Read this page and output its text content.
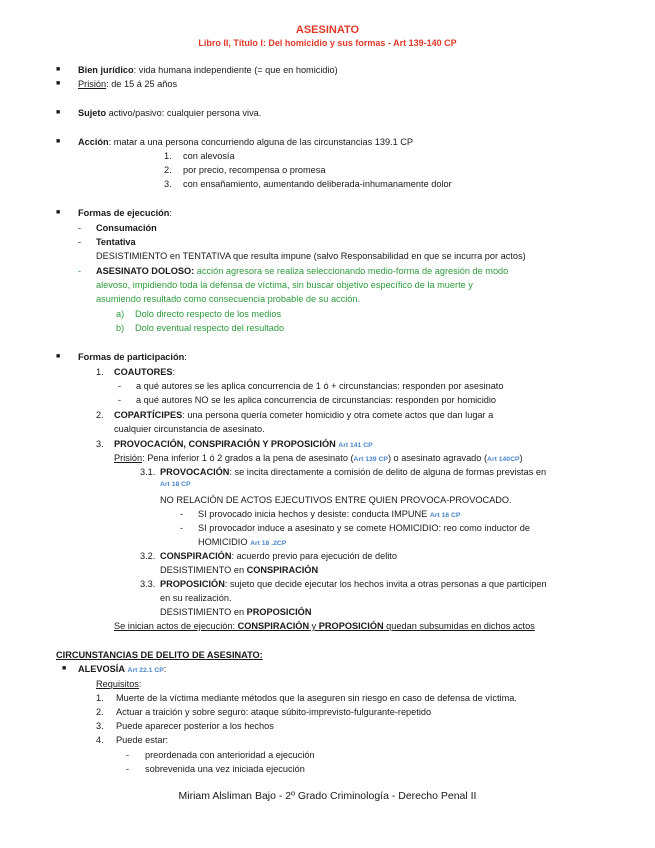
ASESINATO
Libro II, Título I: Del homicidio y sus formas - Art 139-140 CP
■ Bien jurídico: vida humana independiente (= que en homicidio)
■ Prisión: de 15 á 25 años
■ Sujeto activo/pasivo: cualquier persona viva.
■ Acción: matar a una persona concurriendo alguna de las circunstancias 139.1 CP
1. con alevosía
2. por precio, recompensa o promesa
3. con ensañamiento, aumentando deliberada-inhumanamente dolor
■ Formas de ejecución:
- Consumación
- Tentativa
DESISTIMIENTO en TENTATIVA que resulta impune (salvo Responsabilidad en que se incurra por actos)
- ASESINATO DOLOSO: acción agresora se realiza seleccionando medio-forma de agresión de modo
alevoso, impidiendo toda la defensa de víctima, sin buscar objetivo específico de la muerte y
asumiendo resultado como consecuencia probable de su acción.
a) Dolo directo respecto de los medios
b) Dolo eventual respecto del resultado
■ Formas de participación:
1. COAUTORES:
- a qué autores se les aplica concurrencia de 1 ó + circunstancias: responden por asesinato
- a qué autores NO se les aplica concurrencia de circunstancias: responden por homicidio
2. COPARTÍCIPES: una persona quería cometer homicidio y otra comete actos que dan lugar a
cualquier circunstancia de asesinato.
3. PROVOCACIÓN, CONSPIRACIÓN Y PROPOSICIÓN Art 141 CP
Prisión: Pena inferior 1 ó 2 grados a la pena de asesinato (Art 139 CP) o asesinato agravado (Art 140CP)
3.1. PROVOCACIÓN: se incita directamente a comisión de delito de alguna de formas previstas en
Art 18 CP
NO RELACIÓN DE ACTOS EJECUTIVOS ENTRE QUIEN PROVOCA-PROVOCADO.
- SI provocado inicia hechos y desiste: conducta IMPUNE Art 16 CP
- SI provocador induce a asesinato y se comete HOMICIDIO: reo como inductor de
HOMICIDIO Art 18 .2CP
3.2. CONSPIRACIÓN: acuerdo previo para ejecución de delito
DESISTIMIENTO en CONSPIRACIÓN
3.3. PROPOSICIÓN: sujeto que decide ejecutar los hechos invita a otras personas a que participen
en su realización.
DESISTIMIENTO en PROPOSICIÓN
Se inician actos de ejecución: CONSPIRACIÓN y PROPOSICIÓN quedan subsumidas en dichos actos
CIRCUNSTANCIAS DE DELITO DE ASESINATO:
■ ALEVOSÍA Art 22.1 CP:
Requisitos:
1. Muerte de la víctima mediante métodos que la aseguren sin riesgo en caso de defensa de víctima.
2. Actuar a traición y sobre seguro: ataque súbito-imprevisto-fulgurante-repetido
3. Puede aparecer posterior a los hechos
4. Puede estar:
- preordenada con anterioridad a ejecución
- sobrevenida una vez iniciada ejecución
Miriam Alsliman Bajo - 2º Grado Criminología - Derecho Penal II
